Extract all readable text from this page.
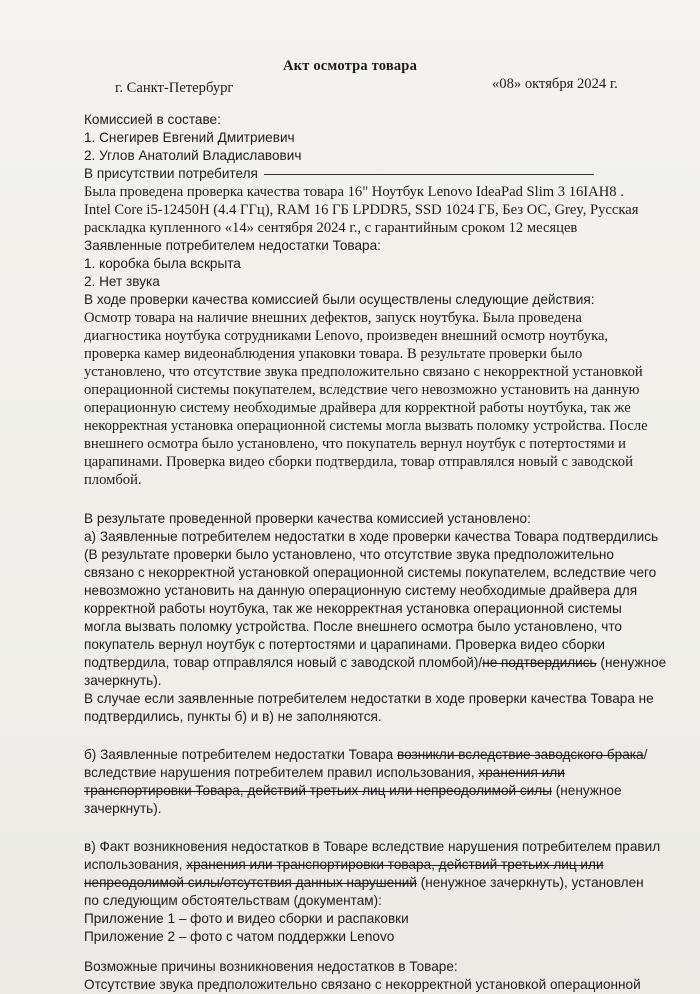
Акт осмотра товара
г. Санкт-Петербург	«08» октября 2024 г.
Комиссией в составе:
1. Снегирев Евгений Дмитриевич
2. Углов Анатолий Владиславович
В присутствии потребителя
Была проведена проверка качества товара 16" Ноутбук Lenovo IdeaPad Slim 3 16IAH8 .
Intel Core i5-12450H (4.4 ГГц), RAM 16 ГБ LPDDR5, SSD 1024 ГБ, Без ОС, Grey, Русская
раскладка купленного «14» сентября 2024 г., с гарантийным сроком 12 месяцев
Заявленные потребителем недостатки Товара:
1. коробка была вскрыта
2. Нет звука
В ходе проверки качества комиссией были осуществлены следующие действия:
Осмотр товара на наличие внешних дефектов, запуск ноутбука. Была проведена
диагностика ноутбука сотрудниками Lenovo, произведен внешний осмотр ноутбука,
проверка камер видеонаблюдения упаковки товара. В результате проверки было
установлено, что отсутствие звука предположительно связано с некорректной установкой
операционной системы покупателем, вследствие чего невозможно установить на данную
операционную систему необходимые драйвера для корректной работы ноутбука, так же
некорректная установка операционной системы могла вызвать поломку устройства. После
внешнего осмотра было установлено, что покупатель вернул ноутбук с потертостями и
царапинами. Проверка видео сборки подтвердила, товар отправлялся новый с заводской
пломбой.
В результате проведенной проверки качества комиссией установлено:
а) Заявленные потребителем недостатки в ходе проверки качества Товара подтвердились
(В результате проверки было установлено, что отсутствие звука предположительно
связано с некорректной установкой операционной системы покупателем, вследствие чего
невозможно установить на данную операционную систему необходимые драйвера для
корректной работы ноутбука, так же некорректная установка операционной системы
могла вызвать поломку устройства. После внешнего осмотра было установлено, что
покупатель вернул ноутбук с потертостями и царапинами. Проверка видео сборки
подтвердила, товар отправлялся новый с заводской пломбой)/не подтвердились (ненужное
зачеркнуть).
В случае если заявленные потребителем недостатки в ходе проверки качества Товара не
подтвердились, пункты б) и в) не заполняются.
б) Заявленные потребителем недостатки Товара возникли вследствие заводского брака/
вследствие нарушения потребителем правил использования, хранения или
транспортировки Товара, действий третьих лиц или непреодолимой силы (ненужное
зачеркнуть).
в) Факт возникновения недостатков в Товаре вследствие нарушения потребителем правил
использования, хранения или транспортировки товара, действий третьих лиц или
непреодолимой силы/отсутствия данных нарушений (ненужное зачеркнуть), установлен
по следующим обстоятельствам (документам):
Приложение 1 – фото и видео сборки и распаковки
Приложение 2 – фото с чатом поддержки Lenovo
Возможные причины возникновения недостатков в Товаре:
Отсутствие звука предположительно связано с некорректной установкой операционной
